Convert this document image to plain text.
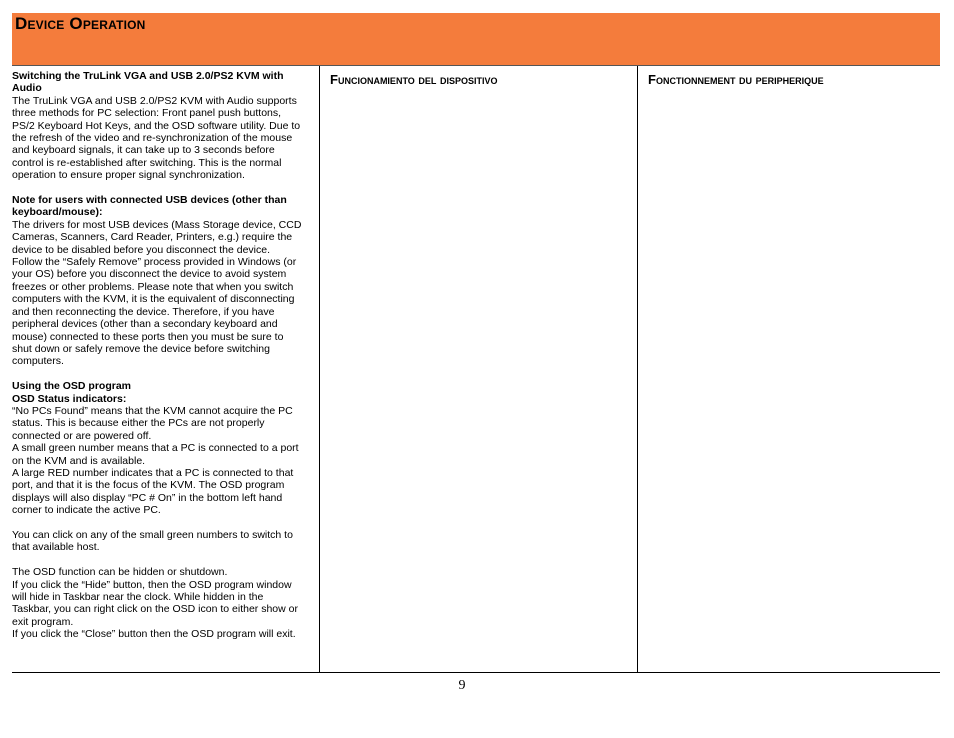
Device Operation
Switching the TruLink VGA and USB 2.0/PS2 KVM with
Audio
The TruLink VGA and USB 2.0/PS2 KVM with Audio supports
three methods for PC selection: Front panel push buttons,
PS/2 Keyboard Hot Keys, and the OSD software utility. Due to
the refresh of the video and re-synchronization of the mouse
and keyboard signals, it can take up to 3 seconds before
control is re-established after switching. This is the normal
operation to ensure proper signal synchronization.
Note for users with connected USB devices (other than
keyboard/mouse):
The drivers for most USB devices (Mass Storage device, CCD
Cameras, Scanners, Card Reader, Printers, e.g.) require the
device to be disabled before you disconnect the device.
Follow the “Safely Remove” process provided in Windows (or
your OS) before you disconnect the device to avoid system
freezes or other problems. Please note that when you switch
computers with the KVM, it is the equivalent of disconnecting
and then reconnecting the device. Therefore, if you have
peripheral devices (other than a secondary keyboard and
mouse) connected to these ports then you must be sure to
shut down or safely remove the device before switching
computers.
Using the OSD program
OSD Status indicators:
“No PCs Found” means that the KVM cannot acquire the PC
status. This is because either the PCs are not properly
connected or are powered off.
A small green number means that a PC is connected to a port
on the KVM and is available.
A large RED number indicates that a PC is connected to that
port, and that it is the focus of the KVM. The OSD program
displays will also display “PC # On” in the bottom left hand
corner to indicate the active PC.
You can click on any of the small green numbers to switch to
that available host.
The OSD function can be hidden or shutdown.
If you click the “Hide” button, then the OSD program window
will hide in Taskbar near the clock. While hidden in the
Taskbar, you can right click on the OSD icon to either show or
exit program.
If you click the “Close” button then the OSD program will exit.
Funcionamiento del dispositivo	Fonctionnement du peripherique
9
